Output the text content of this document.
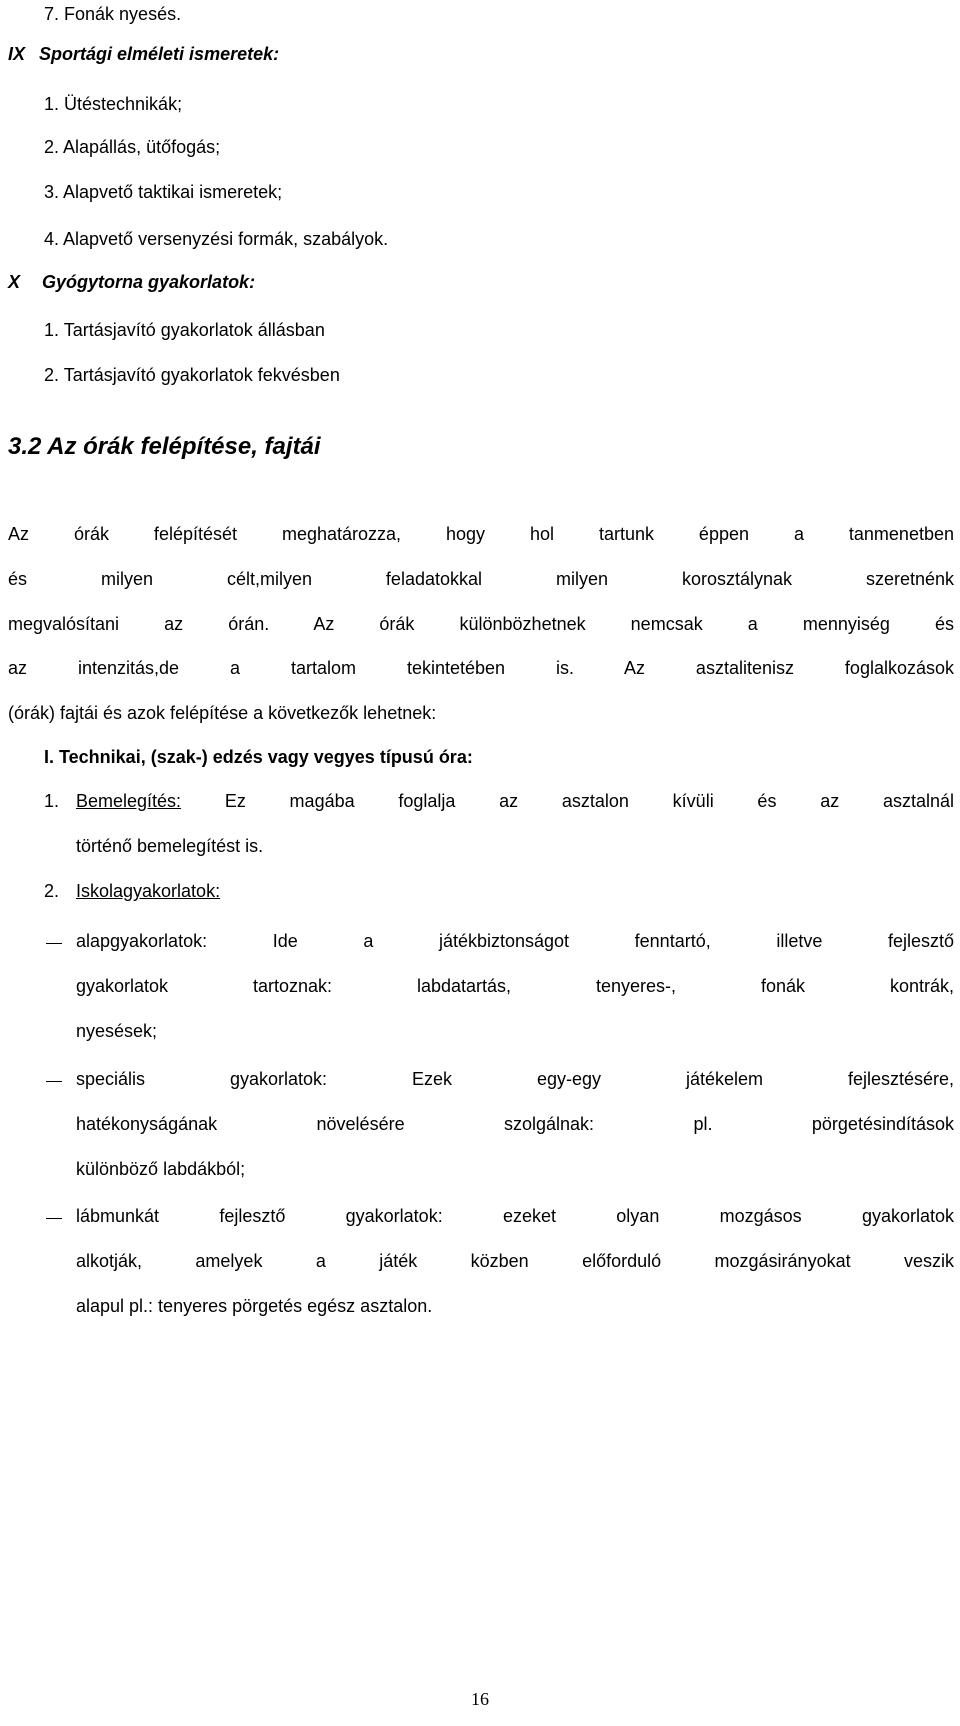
7. Fonák nyesés.
IX Sportági elméleti ismeretek:
1. Ütéstechnikák;
2. Alapállás, ütőfogás;
3. Alapvető taktikai ismeretek;
4. Alapvető versenyzési formák, szabályok.
X Gyógytorna gyakorlatok:
1. Tartásjavító gyakorlatok állásban
2. Tartásjavító gyakorlatok fekvésben
3.2 Az órák felépítése, fajtái
Az órák felépítését meghatározza, hogy hol tartunk éppen a tanmenetben
és milyen célt,milyen feladatokkal milyen korosztálynak szeretnénk
megvalósítani az órán. Az órák különbözhetnek nemcsak a mennyiség és
az intenzitás,de a tartalom tekintetében is. Az asztalitenisz foglalkozások
(órák) fajtái és azok felépítése a következők lehetnek:
I. Technikai, (szak-) edzés vagy vegyes típusú óra:
1. Bemelegítés: Ez magába foglalja az asztalon kívüli és az asztalnál
történő bemelegítést is.
2. Iskolagyakorlatok:
alapgyakorlatok: Ide a játékbiztonságot fenntartó, illetve fejlesztő
gyakorlatok tartoznak: labdatartás, tenyeres-, fonák kontrák,
nyesések;
speciális gyakorlatok: Ezek egy-egy játékelem fejlesztésére,
hatékonyságának növelésére szolgálnak: pl. pörgetésindítások
különböző labdákból;
lábmunkát fejlesztő gyakorlatok: ezeket olyan mozgásos gyakorlatok
alkotják, amelyek a játék közben előforduló mozgásirányokat veszik
alapul pl.: tenyeres pörgetés egész asztalon.
16
